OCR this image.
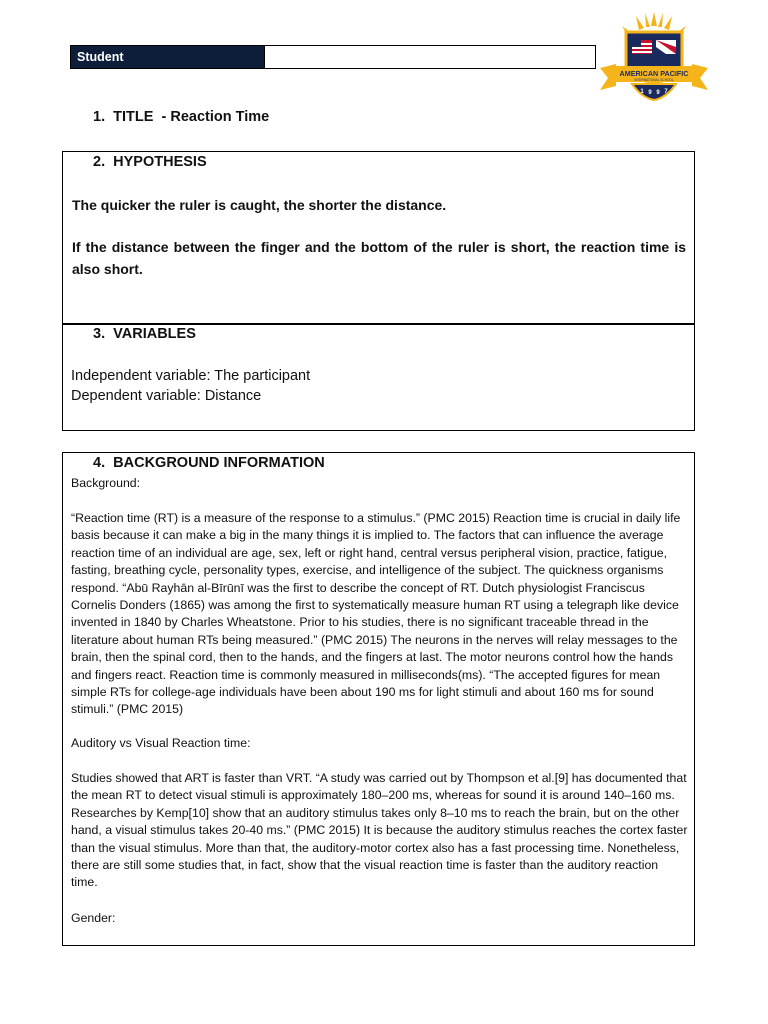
Student
AMERICAN PACIFIC
INTERNATIONAL SCHOOL
1 9 9 7
1. TITLE  - Reaction Time
2. HYPOTHESIS

The quicker the ruler is caught, the shorter the distance.

If the distance between the finger and the bottom of the ruler is short, the reaction time is also short.

3. VARIABLES

Independent variable: The participant

Dependent variable: Distance

4. BACKGROUND INFORMATION

Background:

“Reaction time (RT) is a measure of the response to a stimulus.” (PMC 2015) Reaction time is crucial in daily life basis because it can make a big in the many things it is implied to. The factors that can influence the average reaction time of an individual are age, sex, left or right hand, central versus peripheral vision, practice, fatigue, fasting, breathing cycle, personality types, exercise, and intelligence of the subject. The quickness organisms respond. “Abū Rayhān al-Bīrūnī was the first to describe the concept of RT. Dutch physiologist Franciscus Cornelis Donders (1865) was among the first to systematically measure human RT using a telegraph like device invented in 1840 by Charles Wheatstone. Prior to his studies, there is no significant traceable thread in the literature about human RTs being measured.” (PMC 2015) The neurons in the nerves will relay messages to the brain, then the spinal cord, then to the hands, and the fingers at last. The motor neurons control how the hands and fingers react. Reaction time is commonly measured in milliseconds(ms). “The accepted figures for mean simple RTs for college-age individuals have been about 190 ms for light stimuli and about 160 ms for sound stimuli.” (PMC 2015)

Auditory vs Visual Reaction time:

Studies showed that ART is faster than VRT. “A study was carried out by Thompson et al.[9] has documented that the mean RT to detect visual stimuli is approximately 180–200 ms, whereas for sound it is around 140–160 ms. Researches by Kemp[10] show that an auditory stimulus takes only 8–10 ms to reach the brain, but on the other hand, a visual stimulus takes 20-40 ms.” (PMC 2015) It is because the auditory stimulus reaches the cortex faster than the visual stimulus. More than that, the auditory-motor cortex also has a fast processing time. Nonetheless, there are still some studies that, in fact, show that the visual reaction time is faster than the auditory reaction time.

Gender:
